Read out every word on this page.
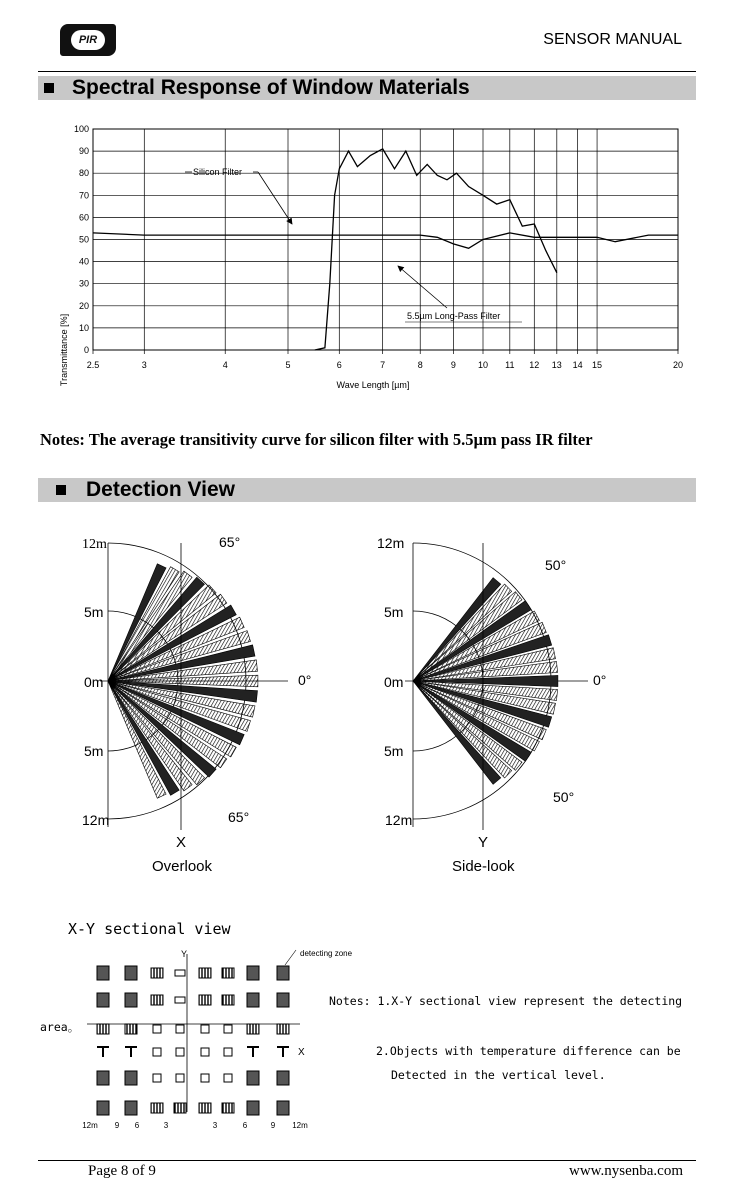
PIR	SENSOR MANUAL
Spectral Response of Window Materials
0
10
20
30
40
50
60
70
80
90
100
2.5	3	4	5	6	7	8	9 10 11 12 13 14 15	20
Silicon Filter
5.5µm Long-Pass Filter
Wave Length [µm]
Transmittance [%]
Notes: The average transitivity curve for silicon filter with 5.5µm pass IR filter
Detection View
12m
5m
0m
5m
12m
65°
0°
65°
X
Overlook
12m
5m
0m
5m
12m
50°
0°
50°
Y
Side-look
X-Y sectional view
Y
X
detecting zone
12m 9 6	3	3	6	9 12m
Notes: 1.X-Y sectional view represent the detecting
area。
2.Objects with temperature difference can be
Detected in the vertical level.
Page 8 of 9	www.nysenba.com
